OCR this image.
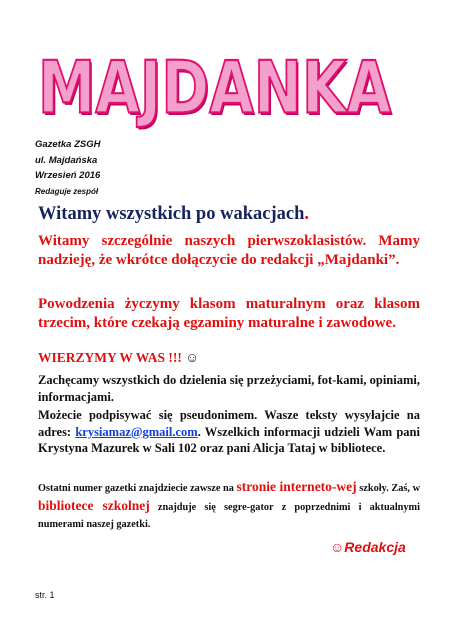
MAJDANKA
Gazetka ZSGH
ul. Majdańska
Wrzesień 2016
Redaguje zespół
Witamy wszystkich po wakacjach.
Witamy szczególnie naszych pierwszoklasistów. Mamy nadzieję, że wkrótce dołączycie do redakcji „Majdanki”.
Powodzenia życzymy klasom maturalnym oraz klasom trzecim, które czekają egzaminy maturalne i zawodowe.
WIERZYMY W WAS !!! ☺
Zachęcamy wszystkich do dzielenia się przeżyciami, fot-kami, opiniami, informacjami.
Możecie podpisywać się pseudonimem. Wasze teksty wysyłajcie na adres: krysiamaz@gmail.com. Wszelkich informacji udzieli Wam pani Krystyna Mazurek w Sali 102 oraz pani Alicja Tataj w bibliotece.
Ostatni numer gazetki znajdziecie zawsze na stronie interneto-wej szkoły. Zaś, w bibliotece szkolnej znajduje się segre-gator z poprzednimi i aktualnymi numerami naszej gazetki.
☺Redakcja
str. 1
